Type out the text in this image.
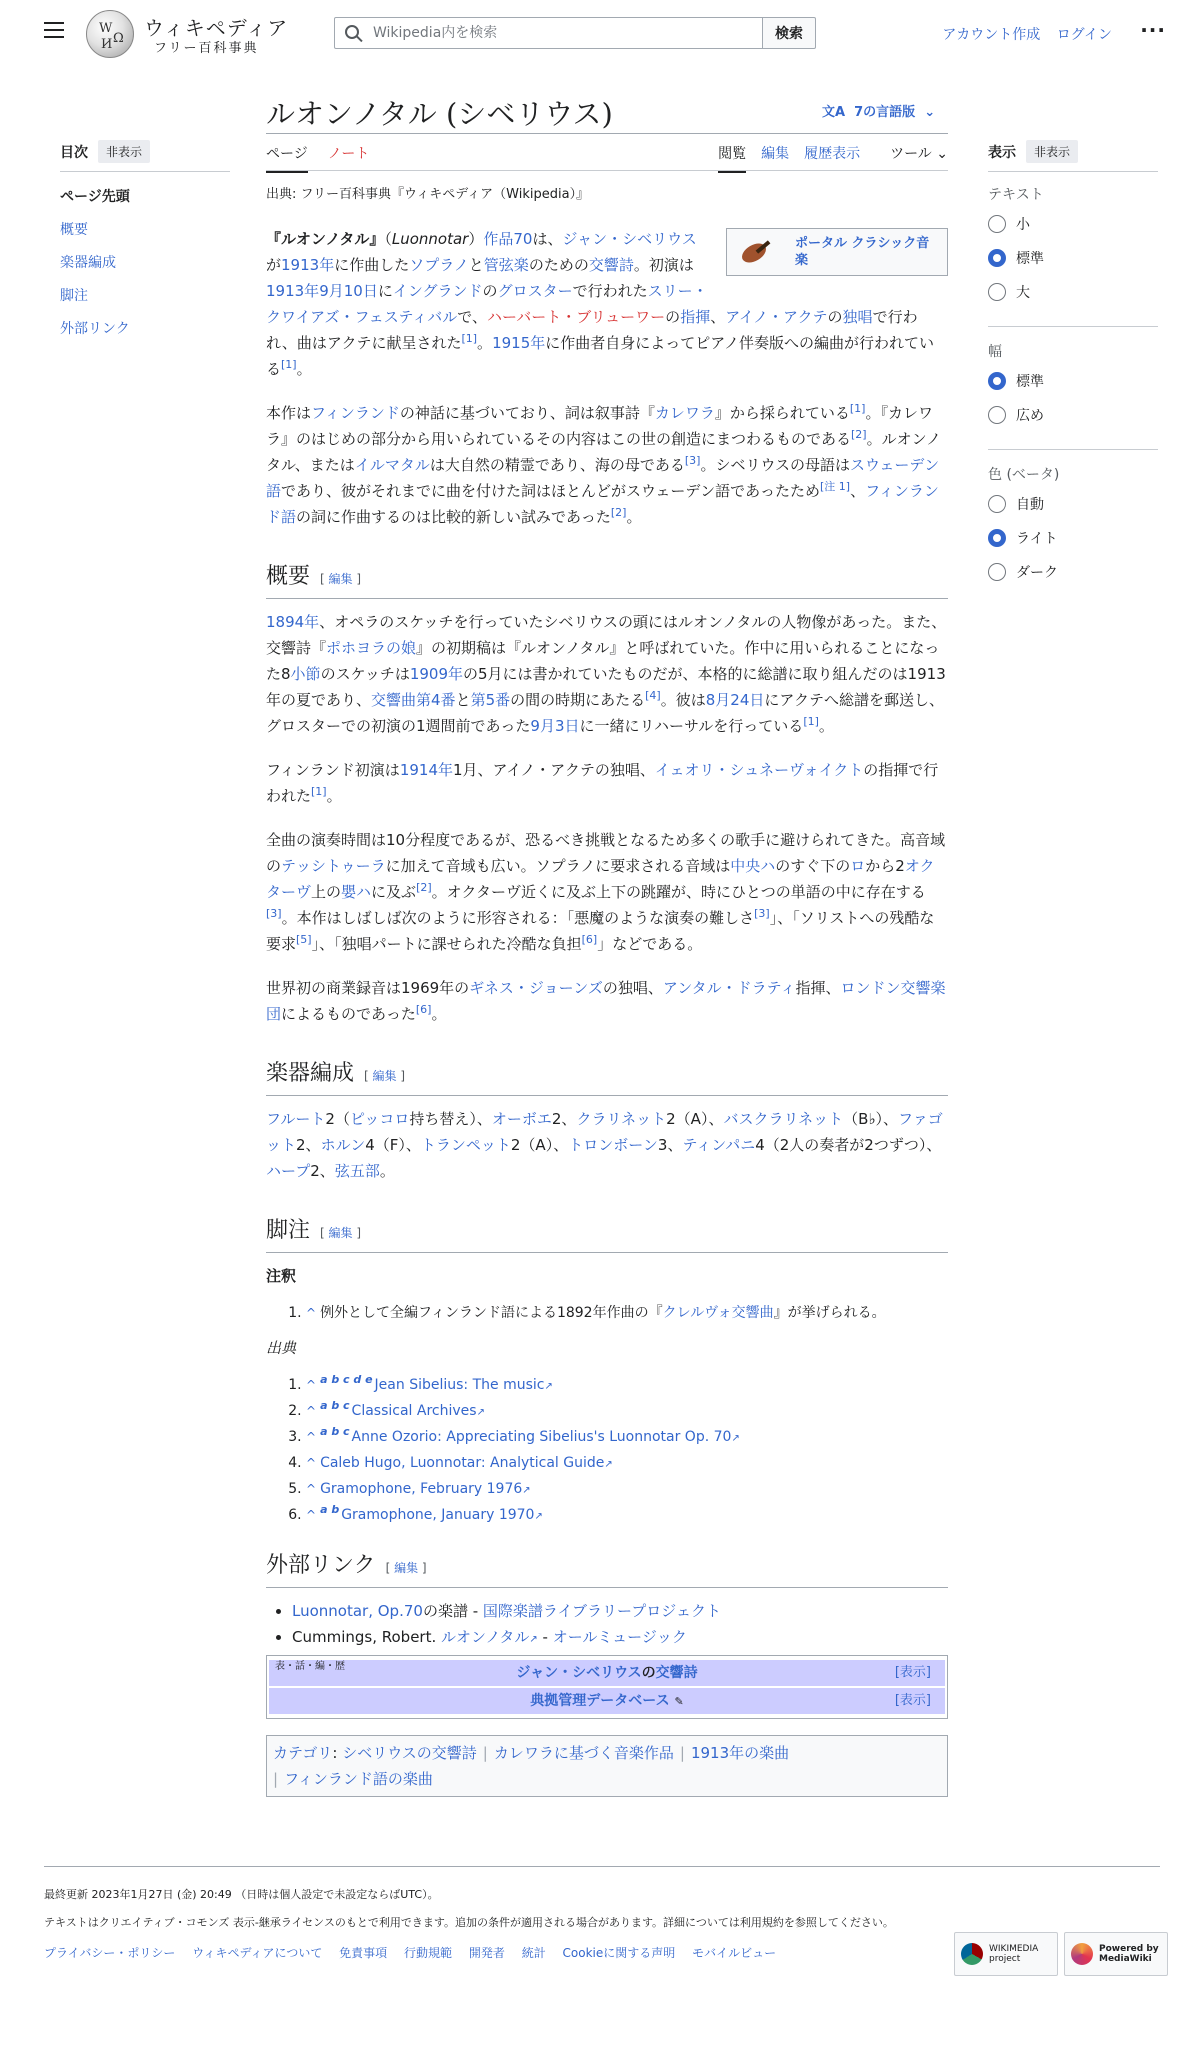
W
Ω
И
ウィキペディア
フリー百科事典
Wikipedia内を検索
検索	アカウント作成 ログイン ···
目次	非表示
ページ先頭
概要
楽器編成
脚注
外部リンク
ルオンノタル (シベリウス)	文A 7の言語版 ⌄
ページ ノート	閲覧 編集 履歴表示 ツール ⌄	表示	非表示
テキスト
小
標準
大
幅
標準
広め
色 (ベータ)
自動
ライト
ダーク
出典: フリー百科事典『ウィキペディア（Wikipedia）』
ポータル クラシック音楽

『ルオンノタル』（Luonnotar）作品70は、ジャン・シベリウスが1913年に作曲したソプラノと管弦楽のための交響詩。初演は1913年9月10日にイングランドのグロスターで行われたスリー・クワイアズ・フェスティバルで、ハーバート・ブリューワーの指揮、アイノ・アクテの独唱で行われ、曲はアクテに献呈された[1]。1915年に作曲者自身によってピアノ伴奏版への編曲が行われている[1]。

本作はフィンランドの神話に基づいており、詞は叙事詩『カレワラ』から採られている[1]。『カレワラ』のはじめの部分から用いられているその内容はこの世の創造にまつわるものである[2]。ルオンノタル、またはイルマタルは大自然の精霊であり、海の母である[3]。シベリウスの母語はスウェーデン語であり、彼がそれまでに曲を付けた詞はほとんどがスウェーデン語であったため[注 1]、フィンランド語の詞に作曲するのは比較的新しい試みであった[2]。

概要 [ 編集 ]

1894年、オペラのスケッチを行っていたシベリウスの頭にはルオンノタルの人物像があった。また、交響詩『ポホヨラの娘』の初期稿は『ルオンノタル』と呼ばれていた。作中に用いられることになった8小節のスケッチは1909年の5月には書かれていたものだが、本格的に総譜に取り組んだのは1913年の夏であり、交響曲第4番と第5番の間の時期にあたる[4]。彼は8月24日にアクテへ総譜を郵送し、グロスターでの初演の1週間前であった9月3日に一緒にリハーサルを行っている[1]。

フィンランド初演は1914年1月、アイノ・アクテの独唱、イェオリ・シュネーヴォイクトの指揮で行われた[1]。

全曲の演奏時間は10分程度であるが、恐るべき挑戦となるため多くの歌手に避けられてきた。高音域のテッシトゥーラに加えて音域も広い。ソプラノに要求される音域は中央ハのすぐ下のロから2オクターヴ上の嬰ハに及ぶ[2]。オクターヴ近くに及ぶ上下の跳躍が、時にひとつの単語の中に存在する[3]。本作はしばしば次のように形容される：「悪魔のような演奏の難しさ[3]」、「ソリストへの残酷な要求[5]」、「独唱パートに課せられた冷酷な負担[6]」などである。

世界初の商業録音は1969年のギネス・ジョーンズの独唱、アンタル・ドラティ指揮、ロンドン交響楽団によるものであった[6]。

楽器編成 [ 編集 ]

フルート2（ピッコロ持ち替え）、オーボエ2、クラリネット2（A）、バスクラリネット（B♭）、ファゴット2、ホルン4（F）、トランペット2（A）、トロンボーン3、ティンパニ4（2人の奏者が2つずつ）、ハープ2、弦五部。

脚注 [ 編集 ]
注釈
1. ^ 例外として全編フィンランド語による1892年作曲の『クレルヴォ交響曲』が挙げられる。
出典
1. ^ $^{a b c d e}$ Jean Sibelius: The music↗
2. ^ $^{a b c}$ Classical Archives↗
3. ^ $^{a b c}$ Anne Ozorio: Appreciating Sibelius's Luonnotar Op. 70↗
4. ^ Caleb Hugo, Luonnotar: Analytical Guide↗
5. ^ Gramophone, February 1976↗
6. ^ $^{a b}$ Gramophone, January 1970↗
外部リンク [ 編集 ]
• Luonnotar, Op.70の楽譜 - 国際楽譜ライブラリープロジェクト
• Cummings, Robert. ルオンノタル↗ - オールミュージック
表・話・編・歴	ジャン・シベリウスの交響詩	[表示]
典拠管理データベース ✎	[表示]
カテゴリ: シベリウスの交響詩 | カレワラに基づく音楽作品 | 1913年の楽曲
| フィンランド語の楽曲
最終更新 2023年1月27日 (金) 20:49 （日時は個人設定で未設定ならばUTC）。
テキストはクリエイティブ・コモンズ 表示-継承ライセンスのもとで利用できます。追加の条件が適用される場合があります。詳細については利用規約を参照してください。
プライバシー・ポリシー ウィキペディアについて 免責事項 行動規範 開発者 統計 Cookieに関する声明 モバイルビュー	WIKIMEDIA project
Powered by MediaWiki
